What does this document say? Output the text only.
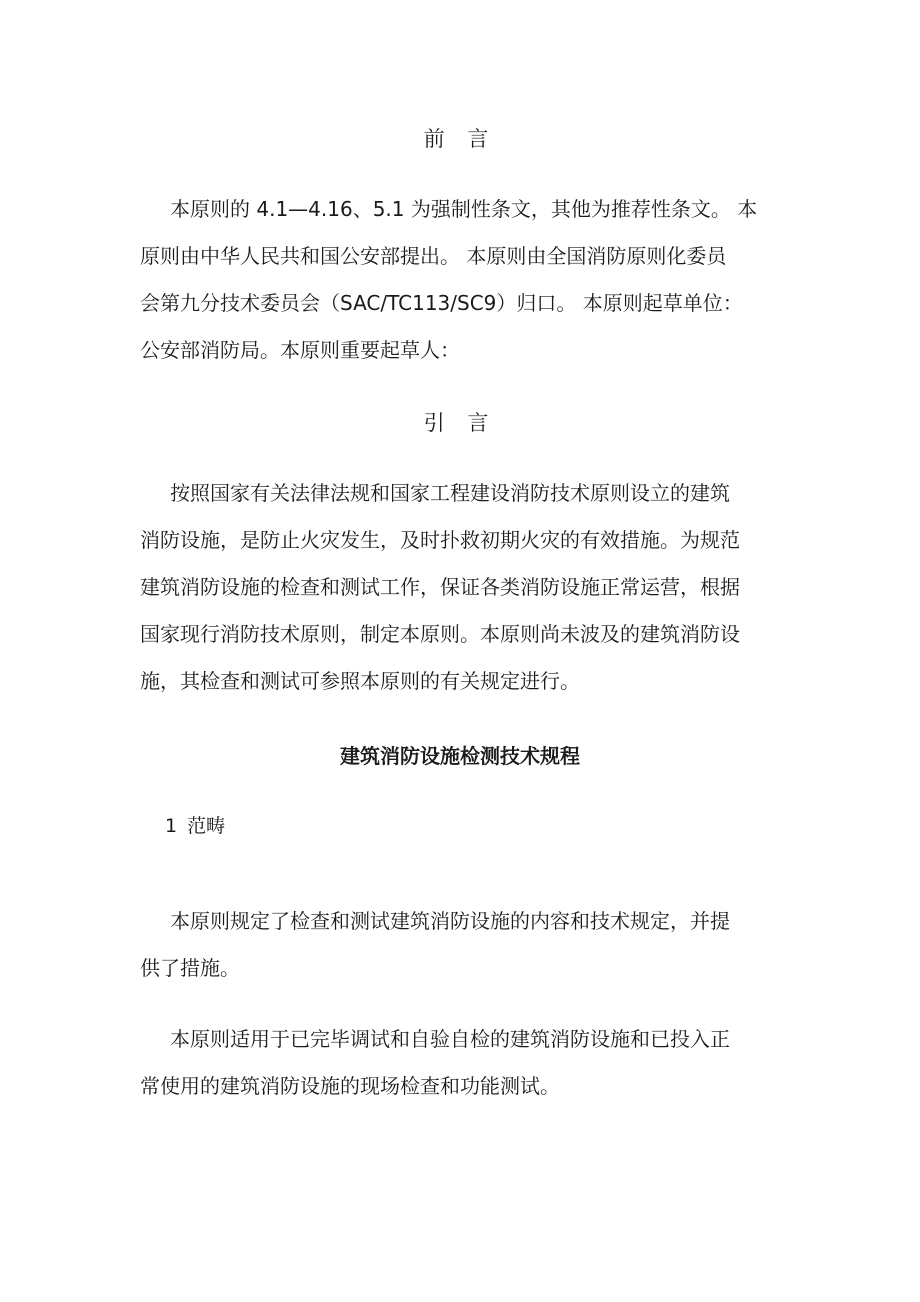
前 言
本原则的 4.1—4.16、5.1 为强制性条文，其他为推荐性条文。 本
原则由中华人民共和国公安部提出。 本原则由全国消防原则化委员
会第九分技术委员会（SAC/TC113/SC9）归口。 本原则起草单位：
公安部消防局。本原则重要起草人：
引 言
按照国家有关法律法规和国家工程建设消防技术原则设立的建筑
消防设施，是防止火灾发生，及时扑救初期火灾的有效措施。为规范
建筑消防设施的检查和测试工作，保证各类消防设施正常运营，根据
国家现行消防技术原则，制定本原则。本原则尚未波及的建筑消防设
施，其检查和测试可参照本原则的有关规定进行。
建筑消防设施检测技术规程

1 范畴

本原则规定了检查和测试建筑消防设施的内容和技术规定，并提
供了措施。
本原则适用于已完毕调试和自验自检的建筑消防设施和已投入正
常使用的建筑消防设施的现场检查和功能测试。
